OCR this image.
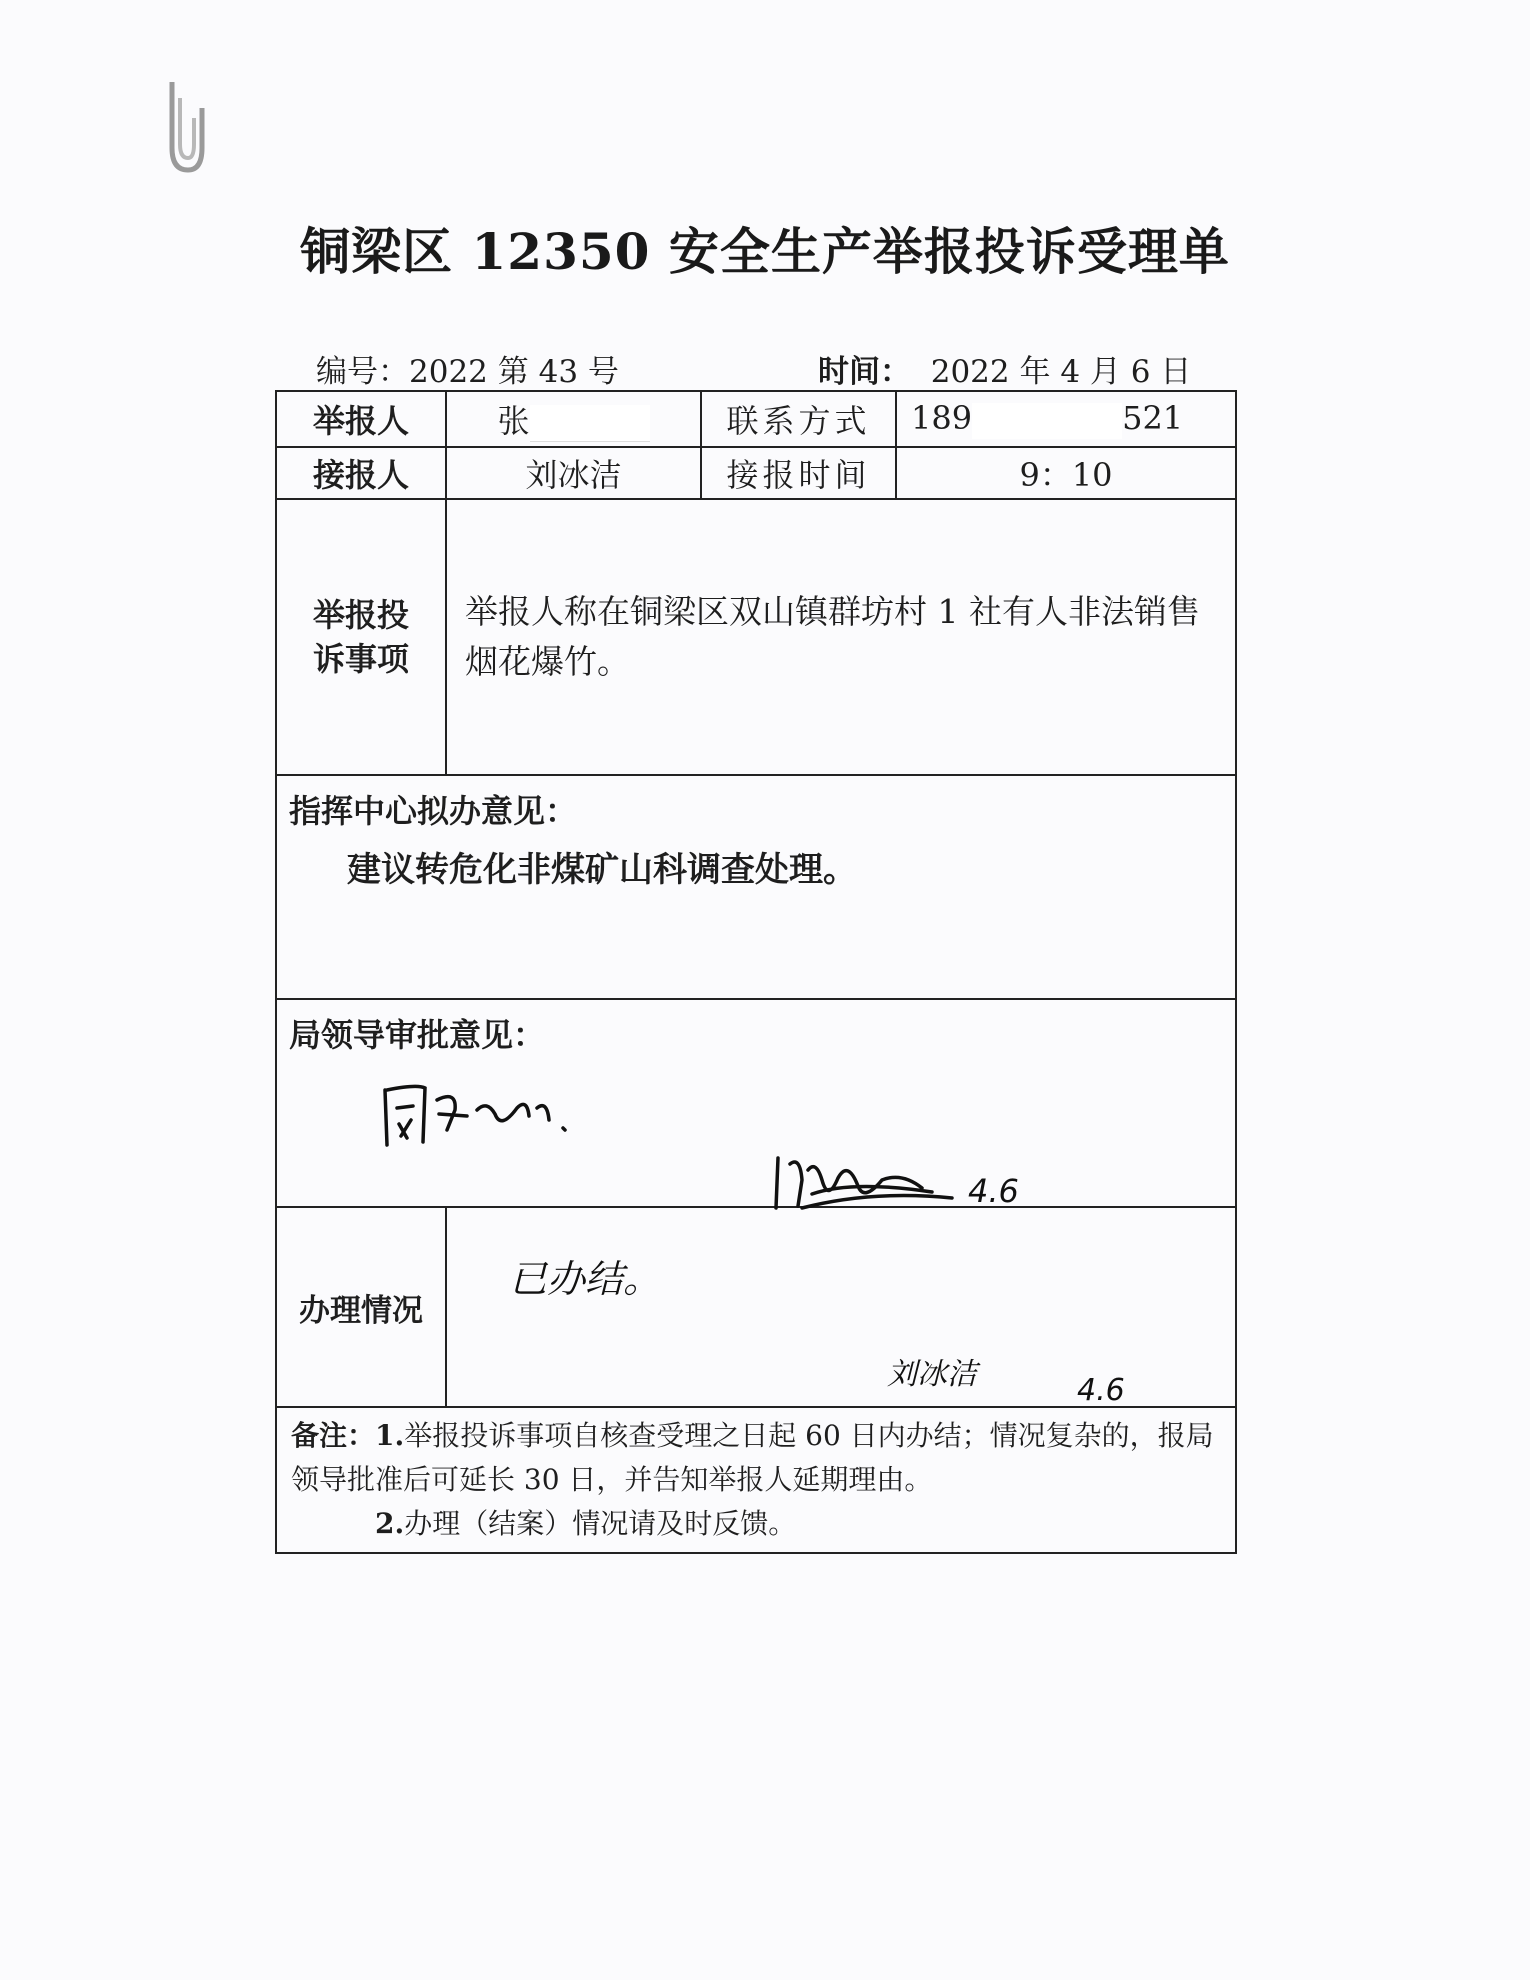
铜梁区 12350 安全生产举报投诉受理单
编号：2022 第 43 号	时间： 2022 年 4 月 6 日
举报人	张	联系方式	189 521
接报人	刘冰洁	接报时间	9：10
举报投
诉事项	举报人称在铜梁区双山镇群坊村 1 社有人非法销售烟花爆竹。		

指挥中心拟办意见：
建议转危化非煤矿山科调查处理。			

局领导审批意见：
4.6			

办理情况	已办结。
刘冰洁 4.6		

备注：1.举报投诉事项自核查受理之日起 60 日内办结；情况复杂的，报局领导批准后可延长 30 日，并告知举报人延期理由。
2.办理（结案）情况请及时反馈。			
